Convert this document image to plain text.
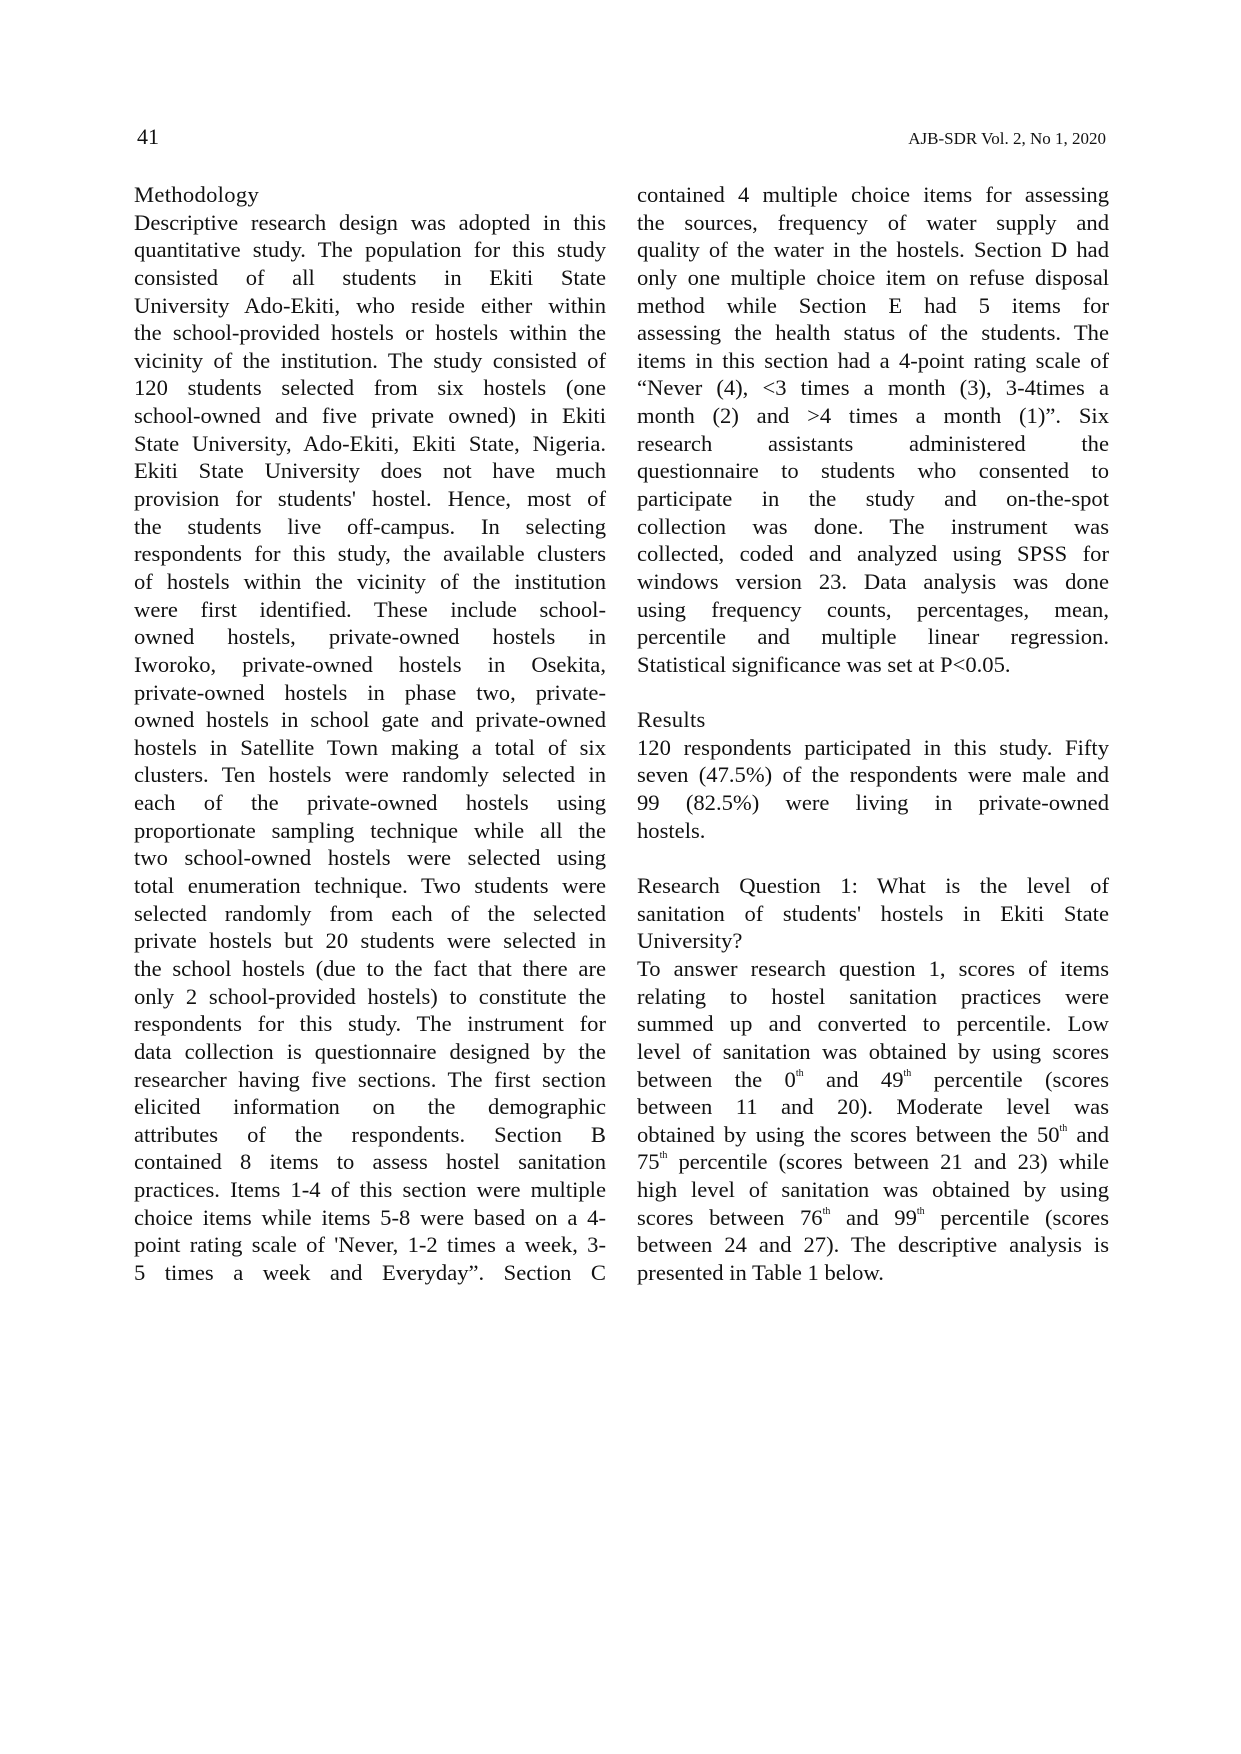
41	AJB-SDR Vol. 2, No 1, 2020
Methodology
Descriptive research design was adopted in this
quantitative study. The population for this study
consisted of all students in Ekiti State
University Ado-Ekiti, who reside either within
the school-provided hostels or hostels within the
vicinity of the institution. The study consisted of
120 students selected from six hostels (one
school-owned and five private owned) in Ekiti
State University, Ado-Ekiti, Ekiti State, Nigeria.
Ekiti State University does not have much
provision for students' hostel. Hence, most of
the students live off-campus. In selecting
respondents for this study, the available clusters
of hostels within the vicinity of the institution
were first identified. These include school-
owned hostels, private-owned hostels in
Iworoko, private-owned hostels in Osekita,
private-owned hostels in phase two, private-
owned hostels in school gate and private-owned
hostels in Satellite Town making a total of six
clusters. Ten hostels were randomly selected in
each of the private-owned hostels using
proportionate sampling technique while all the
two school-owned hostels were selected using
total enumeration technique. Two students were
selected randomly from each of the selected
private hostels but 20 students were selected in
the school hostels (due to the fact that there are
only 2 school-provided hostels) to constitute the
respondents for this study. The instrument for
data collection is questionnaire designed by the
researcher having five sections. The first section
elicited information on the demographic
attributes of the respondents. Section B
contained 8 items to assess hostel sanitation
practices. Items 1-4 of this section were multiple
choice items while items 5-8 were based on a 4-
point rating scale of 'Never, 1-2 times a week, 3-
5 times a week and Everyday”. Section C
contained 4 multiple choice items for assessing
the sources, frequency of water supply and
quality of the water in the hostels. Section D had
only one multiple choice item on refuse disposal
method while Section E had 5 items for
assessing the health status of the students. The
items in this section had a 4-point rating scale of
“Never (4), <3 times a month (3), 3-4times a
month (2) and >4 times a month (1)”. Six
research assistants administered the
questionnaire to students who consented to
participate in the study and on-the-spot
collection was done. The instrument was
collected, coded and analyzed using SPSS for
windows version 23. Data analysis was done
using frequency counts, percentages, mean,
percentile and multiple linear regression.
Statistical significance was set at P<0.05.
Results
120 respondents participated in this study. Fifty
seven (47.5%) of the respondents were male and
99 (82.5%) were living in private-owned
hostels.
Research Question 1: What is the level of
sanitation of students' hostels in Ekiti State
University?
To answer research question 1, scores of items
relating to hostel sanitation practices were
summed up and converted to percentile. Low
level of sanitation was obtained by using scores
between the 0th and 49th percentile (scores
between 11 and 20). Moderate level was
obtained by using the scores between the 50th and
75th percentile (scores between 21 and 23) while
high level of sanitation was obtained by using
scores between 76th and 99th percentile (scores
between 24 and 27). The descriptive analysis is
presented in Table 1 below.
